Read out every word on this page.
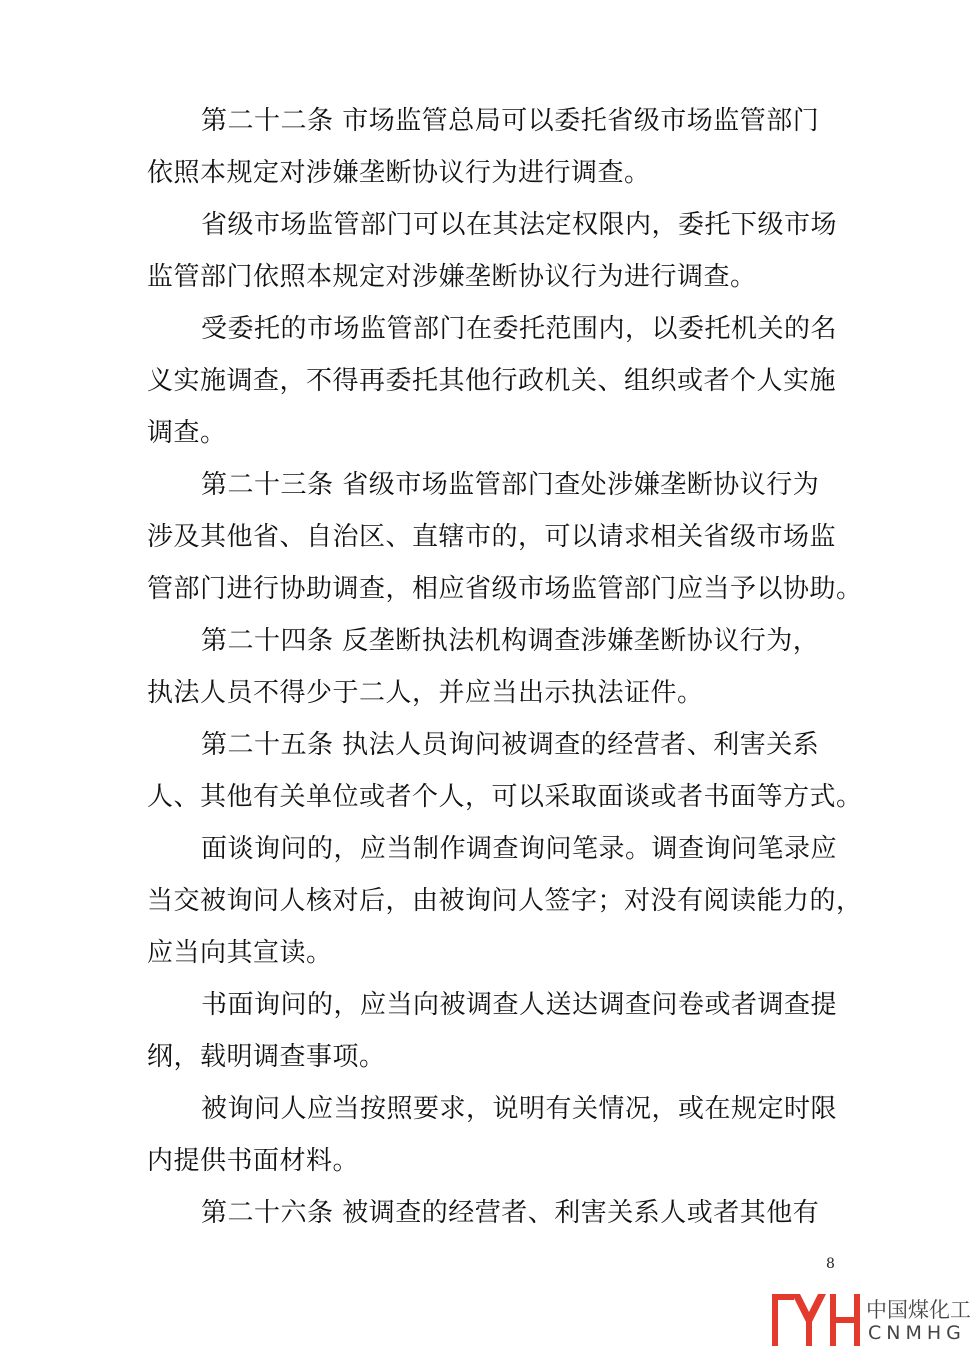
第二十二条 市场监管总局可以委托省级市场监管部门
依照本规定对涉嫌垄断协议行为进行调查。
省级市场监管部门可以在其法定权限内，委托下级市场
监管部门依照本规定对涉嫌垄断协议行为进行调查。
受委托的市场监管部门在委托范围内，以委托机关的名
义实施调查，不得再委托其他行政机关、组织或者个人实施
调查。
第二十三条 省级市场监管部门查处涉嫌垄断协议行为
涉及其他省、自治区、直辖市的，可以请求相关省级市场监
管部门进行协助调查，相应省级市场监管部门应当予以协助。
第二十四条 反垄断执法机构调查涉嫌垄断协议行为，
执法人员不得少于二人，并应当出示执法证件。
第二十五条 执法人员询问被调查的经营者、利害关系
人、其他有关单位或者个人，可以采取面谈或者书面等方式。
面谈询问的，应当制作调查询问笔录。调查询问笔录应
当交被询问人核对后，由被询问人签字；对没有阅读能力的，
应当向其宣读。
书面询问的，应当向被调查人送达调查问卷或者调查提
纲，载明调查事项。
被询问人应当按照要求，说明有关情况，或在规定时限
内提供书面材料。
第二十六条 被调查的经营者、利害关系人或者其他有
8
中国煤化工
CNMHG
